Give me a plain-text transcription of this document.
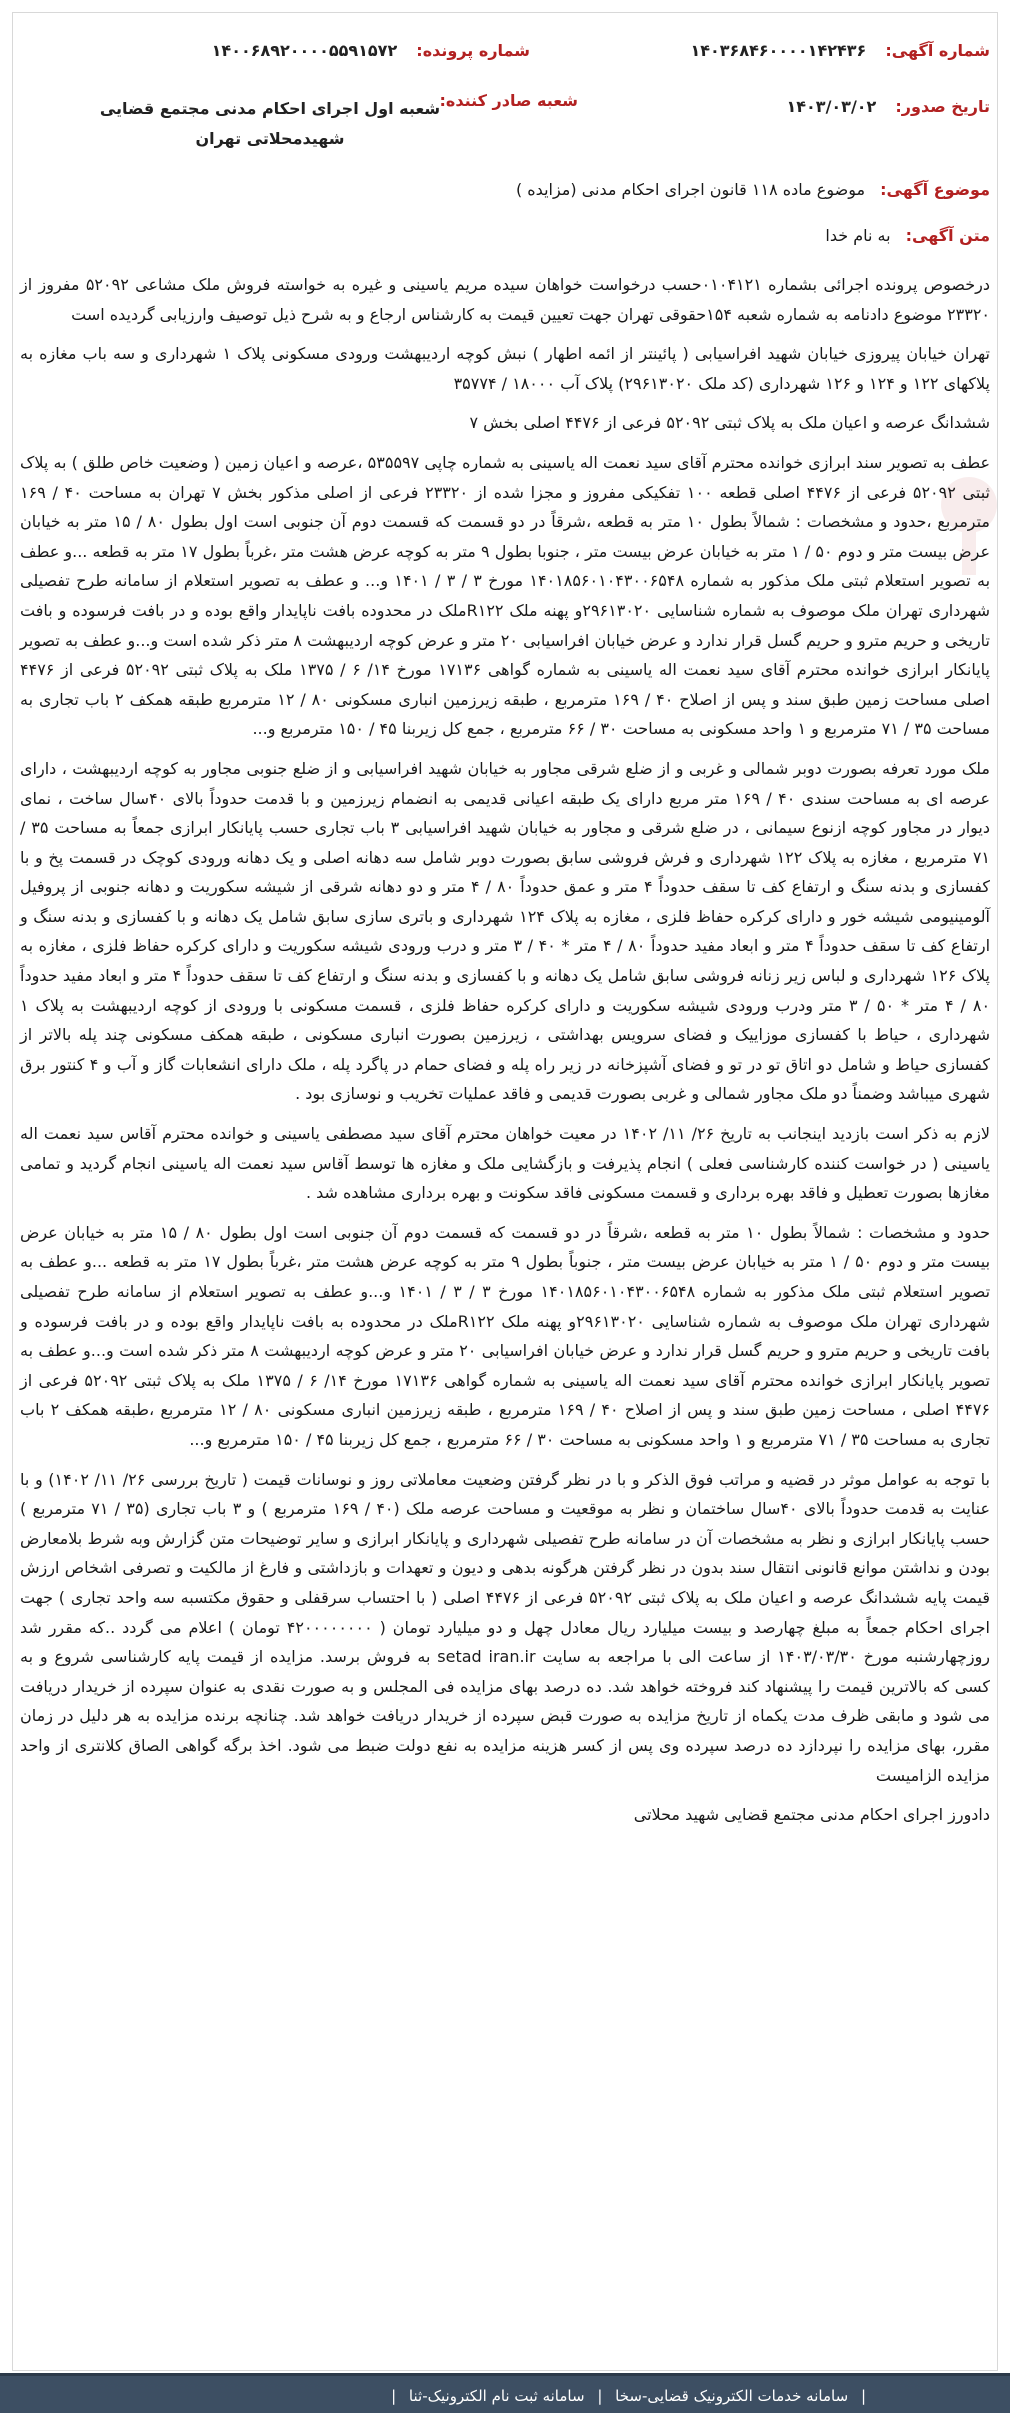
شماره آگهی: ۱۴۰۳۶۸۴۶۰۰۰۰۱۴۲۴۳۶
شماره پرونده: ۱۴۰۰۶۸۹۲۰۰۰۰۵۵۹۱۵۷۲
تاریخ صدور: ۱۴۰۳/۰۳/۰۲
شعبه صادر کننده:
شعبه اول اجرای احکام مدنی مجتمع قضایی شهیدمحلاتی تهران
موضوع آگهی: موضوع ماده ۱۱۸ قانون اجرای احکام مدنی (مزایده )
متن آگهی: به نام خدا

درخصوص پرونده اجرائی بشماره ۰۱۰۴۱۲۱حسب درخواست خواهان سیده مریم یاسینی و غیره به خواسته فروش ملک مشاعی ۵۲۰۹۲ مفروز از ۲۳۳۲۰ موضوع دادنامه به شماره شعبه ۱۵۴حقوقی تهران جهت تعیین قیمت به کارشناس ارجاع و به شرح ذیل توصیف وارزیابی گردیده است

تهران خیابان پیروزی خیابان شهید افراسیابی ( پائینتر از ائمه اطهار ) نبش کوچه اردیبهشت ورودی مسکونی پلاک ۱ شهرداری و سه باب مغازه به پلاکهای ۱۲۲ و ۱۲۴ و ۱۲۶ شهرداری (کد ملک ۲۹۶۱۳۰۲۰) پلاک آب ۱۸۰۰۰ / ۳۵۷۷۴

ششدانگ عرصه و اعیان ملک به پلاک ثبتی ۵۲۰۹۲ فرعی از ۴۴۷۶ اصلی بخش ۷

عطف به تصویر سند ابرازی خوانده محترم آقای سید نعمت اله یاسینی به شماره چاپی ۵۳۵۵۹۷ ،عرصه و اعیان زمین ( وضعیت خاص طلق ) به پلاک ثبتی ۵۲۰۹۲ فرعی از ۴۴۷۶ اصلی قطعه ۱۰۰ تفکیکی مفروز و مجزا شده از ۲۳۳۲۰ فرعی از اصلی مذکور بخش ۷ تهران به مساحت ۴۰ / ۱۶۹ مترمربع ،حدود و مشخصات : شمالاً بطول ۱۰ متر به قطعه ،شرقاً در دو قسمت که قسمت دوم آن جنوبی است اول بطول ۸۰ / ۱۵ متر به خیابان عرض بیست متر و دوم ۵۰ / ۱ متر به خیابان عرض بیست متر ، جنوبا بطول ۹ متر به کوچه عرض هشت متر ،غرباً بطول ۱۷ متر به قطعه ...و عطف به تصویر استعلام ثبتی ملک مذکور به شماره ۱۴۰۱۸۵۶۰۱۰۴۳۰۰۶۵۴۸ مورخ ۳ / ۳ / ۱۴۰۱ و... و عطف به تصویر استعلام از سامانه طرح تفصیلی شهرداری تهران ملک موصوف به شماره شناسایی ۲۹۶۱۳۰۲۰و پهنه ملک R۱۲۲ملک در محدوده بافت ناپایدار واقع بوده و در بافت فرسوده و بافت تاریخی و حریم مترو و حریم گسل قرار ندارد و عرض خیابان افراسیابی ۲۰ متر و عرض کوچه اردیبهشت ۸ متر ذکر شده است و...و عطف به تصویر پایانکار ابرازی خوانده محترم آقای سید نعمت اله یاسینی به شماره گواهی ۱۷۱۳۶ مورخ ۱۴/ ۶ / ۱۳۷۵ ملک به پلاک ثبتی ۵۲۰۹۲ فرعی از ۴۴۷۶ اصلی مساحت زمین طبق سند و پس از اصلاح ۴۰ / ۱۶۹ مترمربع ، طبقه زیرزمین انباری مسکونی ۸۰ / ۱۲ مترمربع طبقه همکف ۲ باب تجاری به مساحت ۳۵ / ۷۱ مترمربع و ۱ واحد مسکونی به مساحت ۳۰ / ۶۶ مترمربع ، جمع کل زیربنا ۴۵ / ۱۵۰ مترمربع و...

ملک مورد تعرفه بصورت دوبر شمالی و غربی و از ضلع شرقی مجاور به خیابان شهید افراسیابی و از ضلع جنوبی مجاور به کوچه اردیبهشت ، دارای عرصه ای به مساحت سندی ۴۰ / ۱۶۹ متر مربع دارای یک طبقه اعیانی قدیمی به انضمام زیرزمین و با قدمت حدوداً بالای ۴۰سال ساخت ، نمای دیوار در مجاور کوچه ازنوع سیمانی ، در ضلع شرقی و مجاور به خیابان شهید افراسیابی ۳ باب تجاری حسب پایانکار ابرازی جمعاً به مساحت ۳۵ / ۷۱ مترمربع ، مغازه به پلاک ۱۲۲ شهرداری و فرش فروشی سابق بصورت دوبر شامل سه دهانه اصلی و یک دهانه ورودی کوچک در قسمت پخ و با کفسازی و بدنه سنگ و ارتفاع کف تا سقف حدوداً ۴ متر و عمق حدوداً ۸۰ / ۴ متر و دو دهانه شرقی از شیشه سکوریت و دهانه جنوبی از پروفیل آلومینیومی شیشه خور و دارای کرکره حفاظ فلزی ، مغازه به پلاک ۱۲۴ شهرداری و باتری سازی سابق شامل یک دهانه و با کفسازی و بدنه سنگ و ارتفاع کف تا سقف حدوداً ۴ متر و ابعاد مفید حدوداً ۸۰ / ۴ متر * ۴۰ / ۳ متر و درب ورودی شیشه سکوریت و دارای کرکره حفاظ فلزی ، مغازه به پلاک ۱۲۶ شهرداری و لباس زیر زنانه فروشی سابق شامل یک دهانه و با کفسازی و بدنه سنگ و ارتفاع کف تا سقف حدوداً ۴ متر و ابعاد مفید حدوداً ۸۰ / ۴ متر * ۵۰ / ۳ متر ودرب ورودی شیشه سکوریت و دارای کرکره حفاظ فلزی ، قسمت مسکونی با ورودی از کوچه اردیبهشت به پلاک ۱ شهرداری ، حیاط با کفسازی موزاییک و فضای سرویس بهداشتی ، زیرزمین بصورت انباری مسکونی ، طبقه همکف مسکونی چند پله بالاتر از کفسازی حیاط و شامل دو اتاق تو در تو و فضای آشپزخانه در زیر راه پله و فضای حمام در پاگرد پله ، ملک دارای انشعابات گاز و آب و ۴ کنتور برق شهری میباشد وضمناً دو ملک مجاور شمالی و غربی بصورت قدیمی و فاقد عملیات تخریب و نوسازی بود .

لازم به ذکر است بازدید اینجانب به تاریخ ۲۶/ ۱۱/ ۱۴۰۲ در معیت خواهان محترم آقای سید مصطفی یاسینی و خوانده محترم آقاس سید نعمت اله یاسینی ( در خواست کننده کارشناسی فعلی ) انجام پذیرفت و بازگشایی ملک و مغازه ها توسط آقاس سید نعمت اله یاسینی انجام گردید و تمامی مغازها بصورت تعطیل و فاقد بهره برداری و قسمت مسکونی فاقد سکونت و بهره برداری مشاهده شد .

حدود و مشخصات : شمالاً بطول ۱۰ متر به قطعه ،شرقاً در دو قسمت که قسمت دوم آن جنوبی است اول بطول ۸۰ / ۱۵ متر به خیابان عرض بیست متر و دوم ۵۰ / ۱ متر به خیابان عرض بیست متر ، جنوباً بطول ۹ متر به کوچه عرض هشت متر ،غرباً بطول ۱۷ متر به قطعه ...و عطف به تصویر استعلام ثبتی ملک مذکور به شماره ۱۴۰۱۸۵۶۰۱۰۴۳۰۰۶۵۴۸ مورخ ۳ / ۳ / ۱۴۰۱ و...و عطف به تصویر استعلام از سامانه طرح تفصیلی شهرداری تهران ملک موصوف به شماره شناسایی ۲۹۶۱۳۰۲۰و پهنه ملک R۱۲۲ملک در محدوده به بافت ناپایدار واقع بوده و در بافت فرسوده و بافت تاریخی و حریم مترو و حریم گسل قرار ندارد و عرض خیابان افراسیابی ۲۰ متر و عرض کوچه اردیبهشت ۸ متر ذکر شده است و...و عطف به تصویر پایانکار ابرازی خوانده محترم آقای سید نعمت اله یاسینی به شماره گواهی ۱۷۱۳۶ مورخ ۱۴/ ۶ / ۱۳۷۵ ملک به پلاک ثبتی ۵۲۰۹۲ فرعی از ۴۴۷۶ اصلی ، مساحت زمین طبق سند و پس از اصلاح ۴۰ / ۱۶۹ مترمربع ، طبقه زیرزمین انباری مسکونی ۸۰ / ۱۲ مترمربع ،طبقه همکف ۲ باب تجاری به مساحت ۳۵ / ۷۱ مترمربع و ۱ واحد مسکونی به مساحت ۳۰ / ۶۶ مترمربع ، جمع کل زیربنا ۴۵ / ۱۵۰ مترمربع و...

با توجه به عوامل موثر در قضیه و مراتب فوق الذکر و با در نظر گرفتن وضعیت معاملاتی روز و نوسانات قیمت ( تاریخ بررسی ۲۶/ ۱۱/ ۱۴۰۲) و با عنایت به قدمت حدوداً بالای ۴۰سال ساختمان و نظر به موقعیت و مساحت عرصه ملک (۴۰ / ۱۶۹ مترمربع ) و ۳ باب تجاری (۳۵ / ۷۱ مترمربع ) حسب پایانکار ابرازی و نظر به مشخصات آن در سامانه طرح تفصیلی شهرداری و پایانکار ابرازی و سایر توضیحات متن گزارش وبه شرط بلامعارض بودن و نداشتن موانع قانونی انتقال سند بدون در نظر گرفتن هرگونه بدهی و دیون و تعهدات و بازداشتی و فارغ از مالکیت و تصرفی اشخاص ارزش قیمت پایه ششدانگ عرصه و اعیان ملک به پلاک ثبتی ۵۲۰۹۲ فرعی از ۴۴۷۶ اصلی ( با احتساب سرقفلی و حقوق مکتسبه سه واحد تجاری ) جهت اجرای احکام جمعاً به مبلغ چهارصد و بیست میلیارد ریال معادل چهل و دو میلیارد تومان ( ۴۲۰۰۰۰۰۰۰۰ تومان ) اعلام می گردد ..که مقرر شد روزچهارشنبه مورخ ۱۴۰۳/۰۳/۳۰ از ساعت الی با مراجعه به سایت setad iran.ir به فروش برسد. مزایده از قیمت پایه کارشناسی شروع و به کسی که بالاترین قیمت را پیشنهاد کند فروخته خواهد شد. ده درصد بهای مزایده فی المجلس و به صورت نقدی به عنوان سپرده از خریدار دریافت می شود و مابقی ظرف مدت یکماه از تاریخ مزایده به صورت قبض سپرده از خریدار دریافت خواهد شد. چنانچه برنده مزایده به هر دلیل در زمان مقرر، بهای مزایده را نپردازد ده درصد سپرده وی پس از کسر هزینه مزایده به نفع دولت ضبط می شود. اخذ برگه گواهی الصاق کلانتری از واحد مزایده الزامیست

دادورز اجرای احکام مدنی مجتمع قضایی شهید محلاتی

| سامانه خدمات الکترونیک قضایی-سخا | سامانه ثبت نام الکترونیک-ثنا |
